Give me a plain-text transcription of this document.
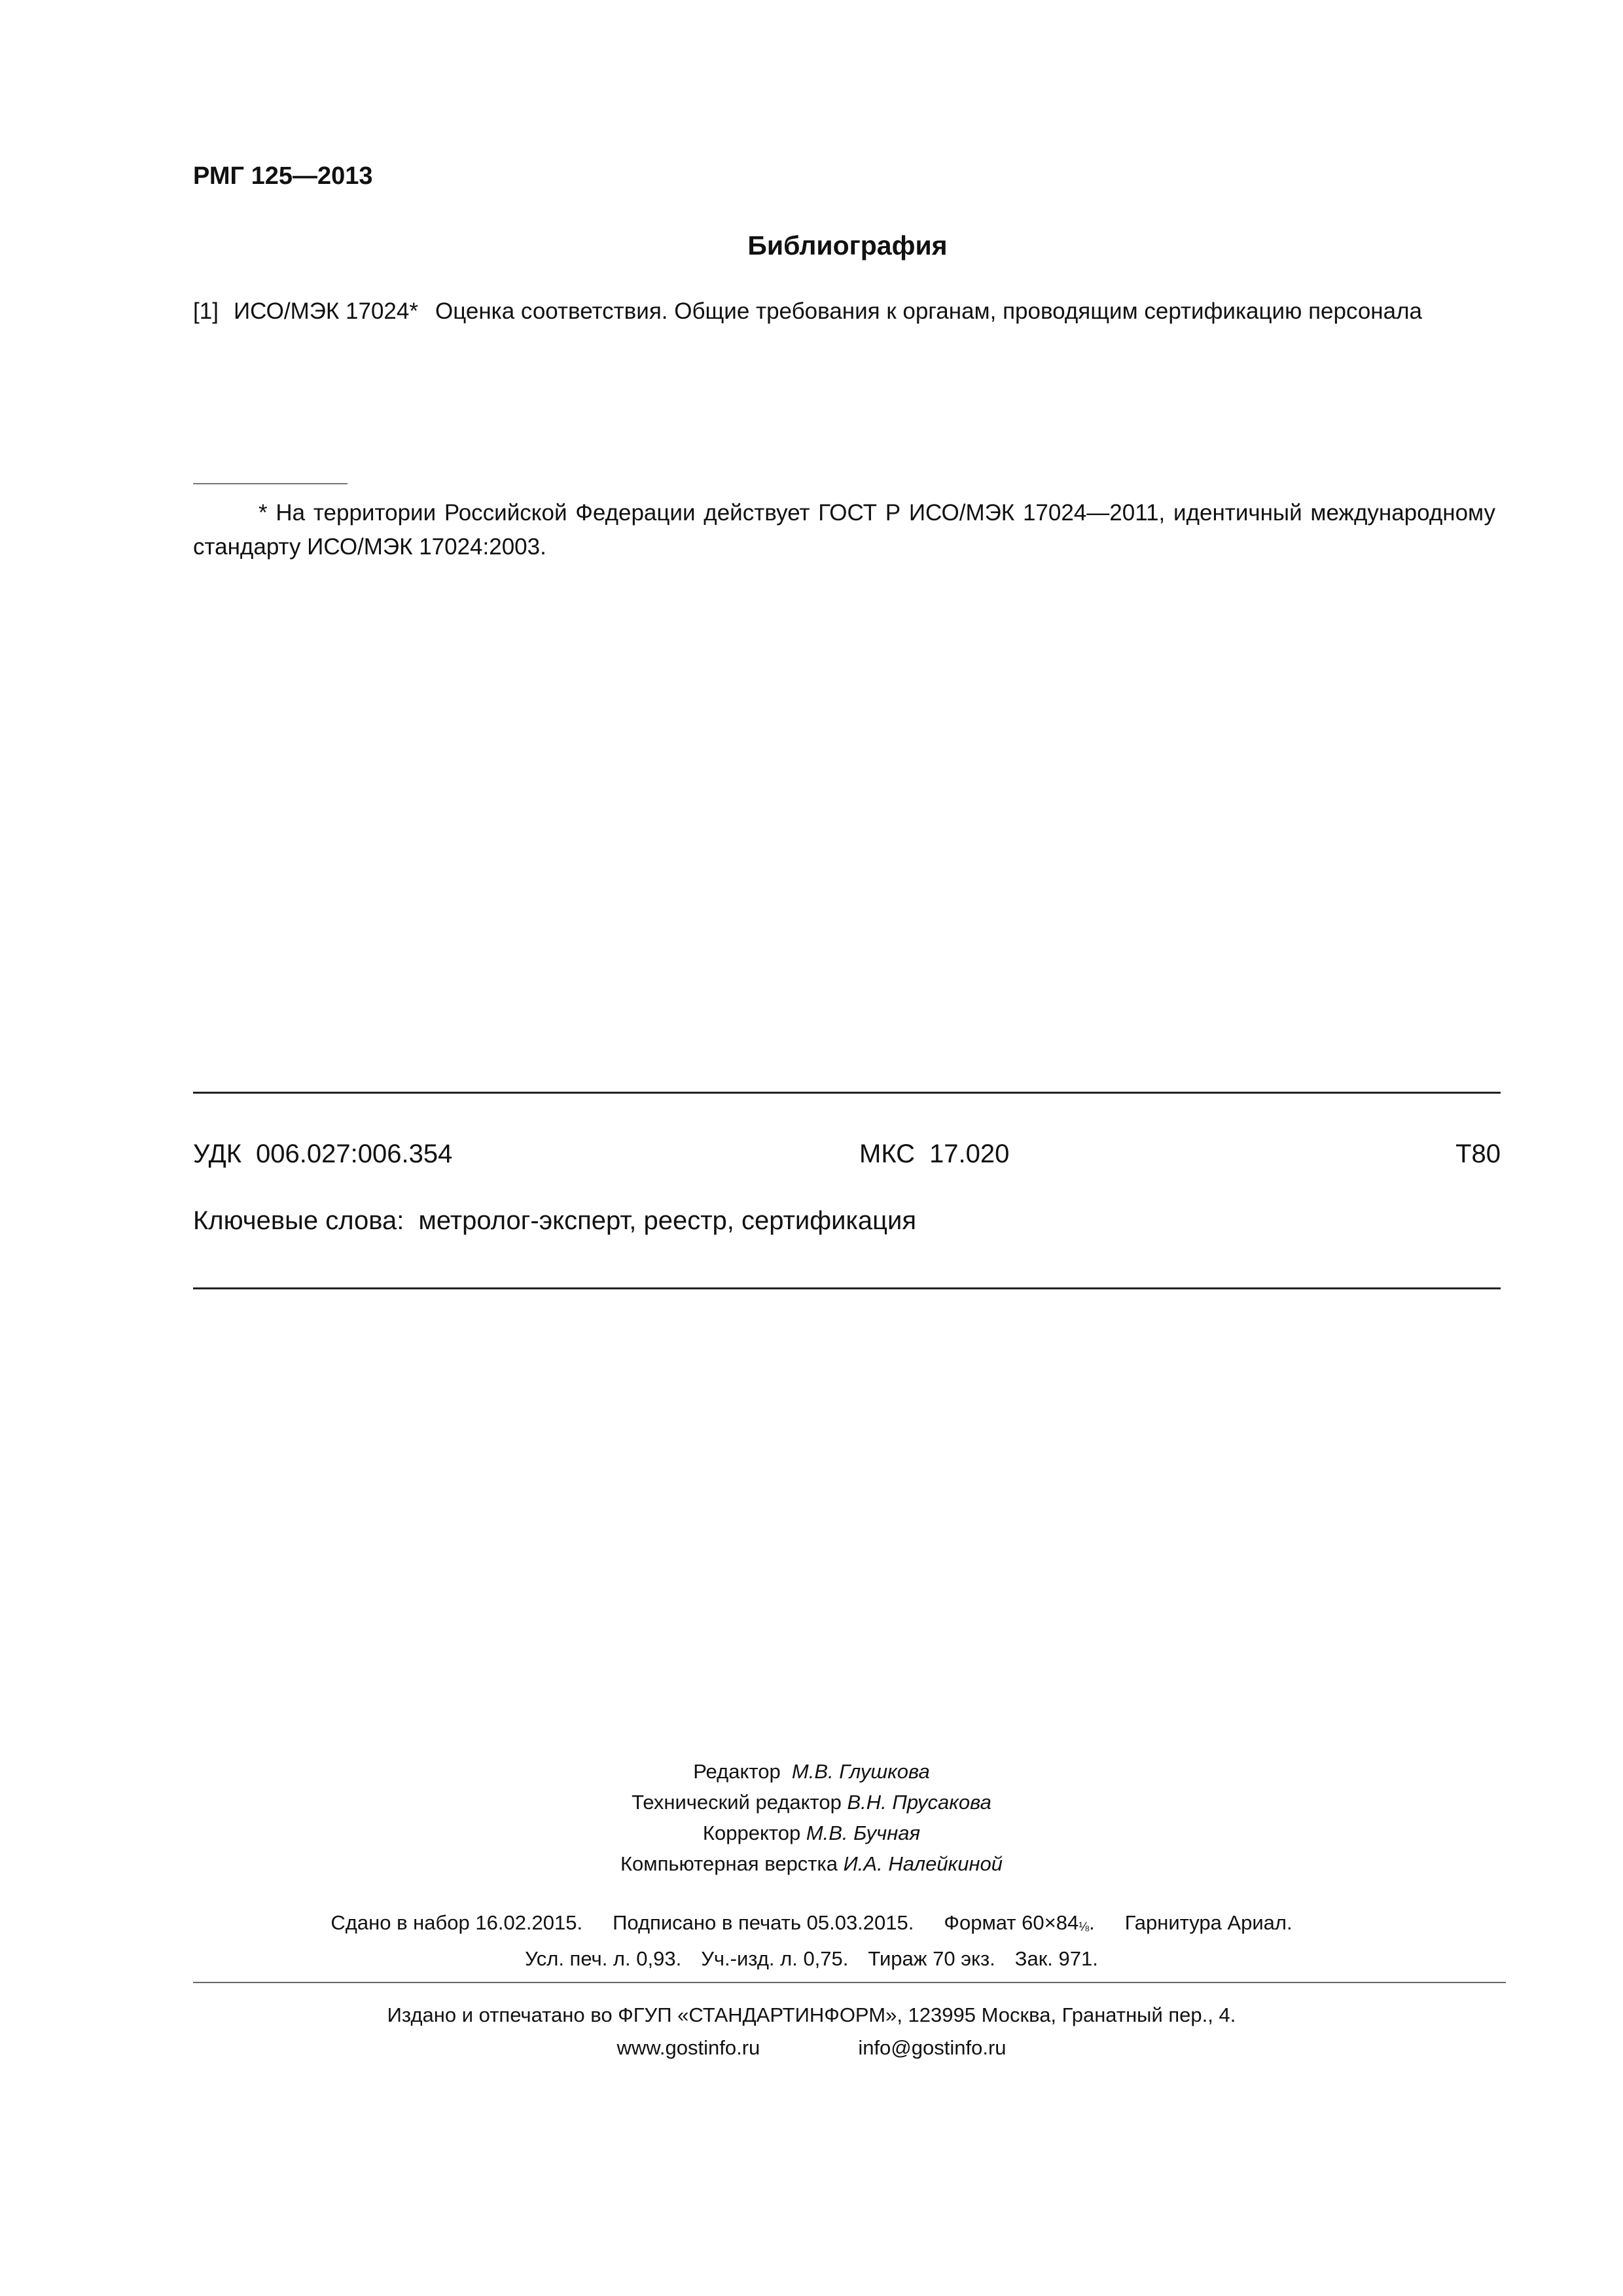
РМГ 125—2013
Библиография
[1] ИСО/МЭК 17024* Оценка соответствия. Общие требования к органам, проводящим сертификацию персонала
* На территории Российской Федерации действует ГОСТ Р ИСО/МЭК 17024—2011, идентичный международному стандарту ИСО/МЭК 17024:2003.
УДК 006.027:006.354	МКС 17.020	Т80
Ключевые слова: метролог-эксперт, реестр, сертификация
Редактор М.В. Глушкова
Технический редактор В.Н. Прусакова
Корректор М.В. Бучная
Компьютерная верстка И.А. Налейкиной
Сдано в набор 16.02.2015. Подписано в печать 05.03.2015. Формат 60×84⅛. Гарнитура Ариал.
Усл. печ. л. 0,93. Уч.-изд. л. 0,75. Тираж 70 экз. Зак. 971.
Издано и отпечатано во ФГУП «СТАНДАРТИНФОРМ», 123995 Москва, Гранатный пер., 4.
www.gostinfo.ru	info@gostinfo.ru
